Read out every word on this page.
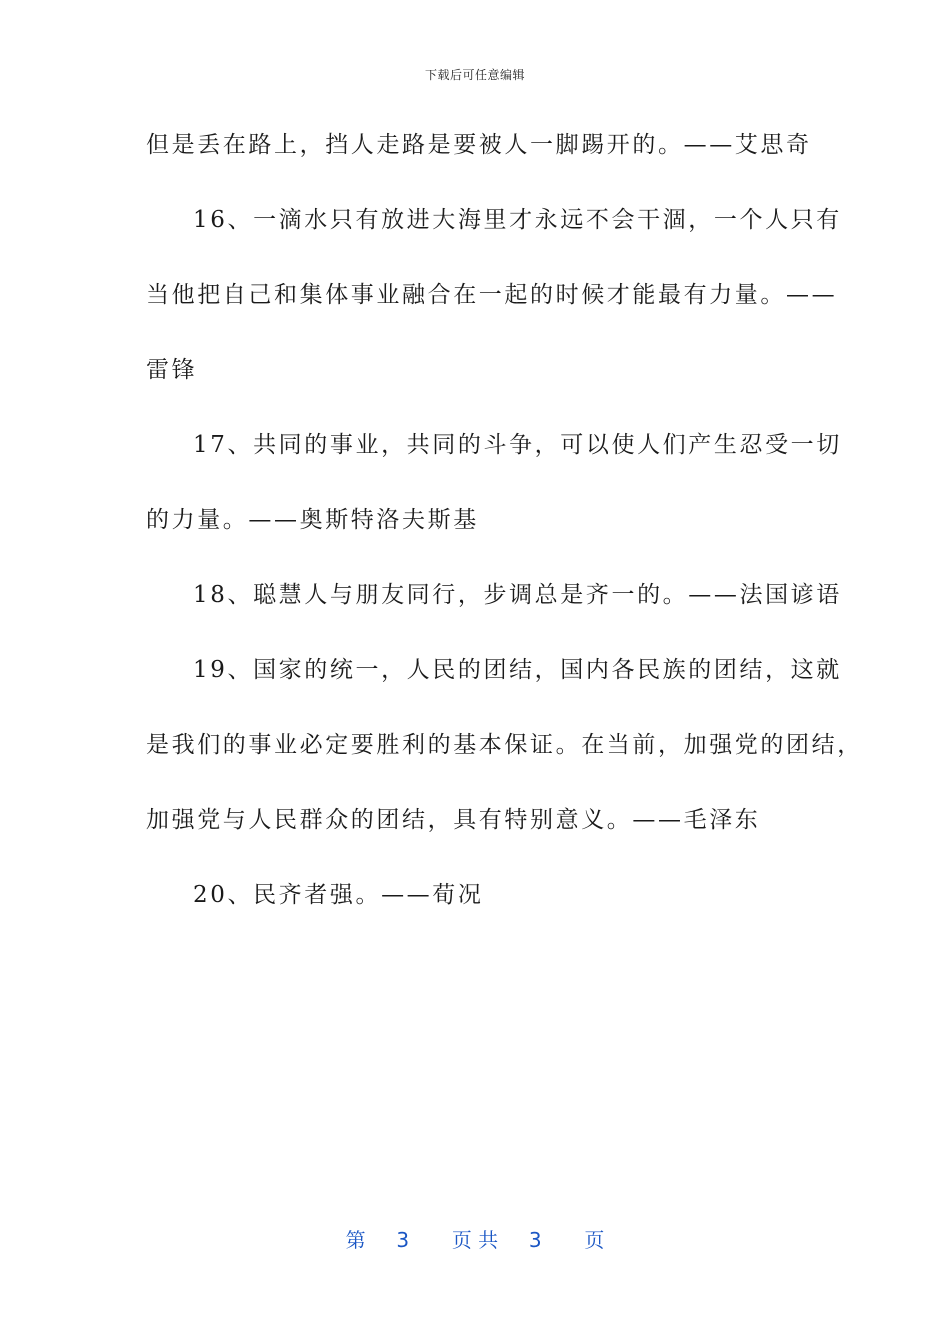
下载后可任意编辑
但是丢在路上，挡人走路是要被人一脚踢开的。——艾思奇
16、一滴水只有放进大海里才永远不会干涸，一个人只有
当他把自己和集体事业融合在一起的时候才能最有力量。——
雷锋
17、共同的事业，共同的斗争，可以使人们产生忍受一切
的力量。——奥斯特洛夫斯基
18、聪慧人与朋友同行，步调总是齐一的。——法国谚语
19、国家的统一，人民的团结，国内各民族的团结，这就
是我们的事业必定要胜利的基本保证。在当前，加强党的团结，
加强党与人民群众的团结，具有特别意义。——毛泽东
20、民齐者强。——荀况
第 3 页 共 3 页
